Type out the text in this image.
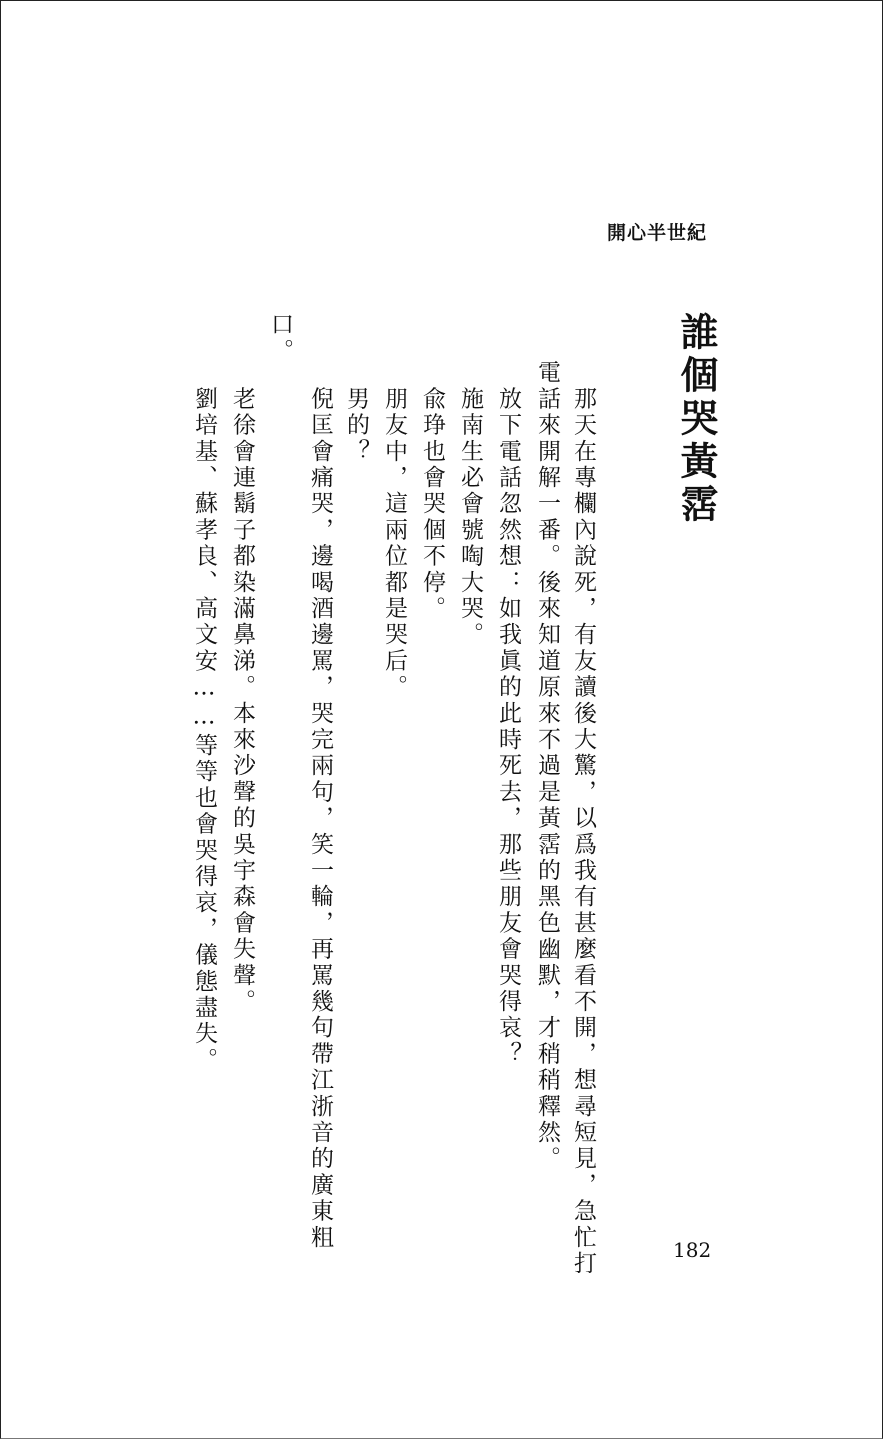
開心半世紀
誰個哭黃霑
　那天在專欄內說死，有友讀後大驚，以爲我有甚麼看不開，想尋短見，急忙打
電話來開解一番。後來知道原來不過是黃霑的黑色幽默，才稍稍釋然。
　放下電話忽然想：如我眞的此時死去，那些朋友會哭得哀？
　施南生必會號啕大哭。
　兪琤也會哭個不停。
　朋友中，這兩位都是哭后。
　男的？
　倪匡會痛哭，邊喝酒邊罵，哭完兩句，笑一輪，再罵幾句帶江浙音的廣東粗
口。
　老徐會連鬍子都染滿鼻涕。本來沙聲的吳宇森會失聲。
　劉培基、蘇孝良、高文安……等等也會哭得哀，儀態盡失。
182
